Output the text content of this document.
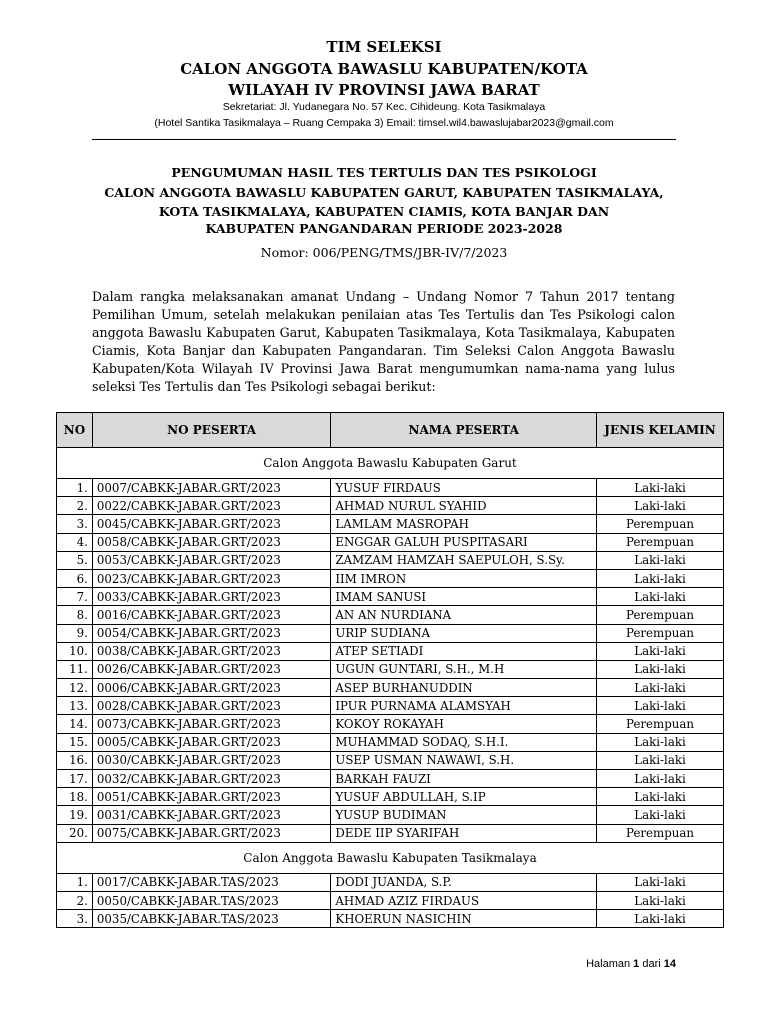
TIM SELEKSI
CALON ANGGOTA BAWASLU KABUPATEN/KOTA
WILAYAH IV PROVINSI JAWA BARAT
Sekretariat: Jl. Yudanegara No. 57 Kec. Cihideung. Kota Tasikmalaya
(Hotel Santika Tasikmalaya – Ruang Cempaka 3) Email: timsel.wil4.bawaslujabar2023@gmail.com
PENGUMUMAN HASIL TES TERTULIS DAN TES PSIKOLOGI
CALON ANGGOTA BAWASLU KABUPATEN GARUT, KABUPATEN TASIKMALAYA,
KOTA TASIKMALAYA, KABUPATEN CIAMIS, KOTA BANJAR DAN
KABUPATEN PANGANDARAN PERIODE 2023-2028
Nomor: 006/PENG/TMS/JBR-IV/7/2023
Dalam rangka melaksanakan amanat Undang – Undang Nomor 7 Tahun 2017 tentang Pemilihan Umum, setelah melakukan penilaian atas Tes Tertulis dan Tes Psikologi calon anggota Bawaslu Kabupaten Garut, Kabupaten Tasikmalaya, Kota Tasikmalaya, Kabupaten Ciamis, Kota Banjar dan Kabupaten Pangandaran. Tim Seleksi Calon Anggota Bawaslu Kabupaten/Kota Wilayah IV Provinsi Jawa Barat mengumumkan nama-nama yang lulus seleksi Tes Tertulis dan Tes Psikologi sebagai berikut:
NO	NO PESERTA	NAMA PESERTA	JENIS KELAMIN
Calon Anggota Bawaslu Kabupaten Garut			
1.	0007/CABKK-JABAR.GRT/2023	YUSUF FIRDAUS	Laki-laki
2.	0022/CABKK-JABAR.GRT/2023	AHMAD NURUL SYAHID	Laki-laki
3.	0045/CABKK-JABAR.GRT/2023	LAMLAM MASROPAH	Perempuan
4.	0058/CABKK-JABAR.GRT/2023	ENGGAR GALUH PUSPITASARI	Perempuan
5.	0053/CABKK-JABAR.GRT/2023	ZAMZAM HAMZAH SAEPULOH, S.Sy.	Laki-laki
6.	0023/CABKK-JABAR.GRT/2023	IIM IMRON	Laki-laki
7.	0033/CABKK-JABAR.GRT/2023	IMAM SANUSI	Laki-laki
8.	0016/CABKK-JABAR.GRT/2023	AN AN NURDIANA	Perempuan
9.	0054/CABKK-JABAR.GRT/2023	URIP SUDIANA	Perempuan
10.	0038/CABKK-JABAR.GRT/2023	ATEP SETIADI	Laki-laki
11.	0026/CABKK-JABAR.GRT/2023	UGUN GUNTARI, S.H., M.H	Laki-laki
12.	0006/CABKK-JABAR.GRT/2023	ASEP BURHANUDDIN	Laki-laki
13.	0028/CABKK-JABAR.GRT/2023	IPUR PURNAMA ALAMSYAH	Laki-laki
14.	0073/CABKK-JABAR.GRT/2023	KOKOY ROKAYAH	Perempuan
15.	0005/CABKK-JABAR.GRT/2023	MUHAMMAD SODAQ, S.H.I.	Laki-laki
16.	0030/CABKK-JABAR.GRT/2023	USEP USMAN NAWAWI, S.H.	Laki-laki
17.	0032/CABKK-JABAR.GRT/2023	BARKAH FAUZI	Laki-laki
18.	0051/CABKK-JABAR.GRT/2023	YUSUF ABDULLAH, S.IP	Laki-laki
19.	0031/CABKK-JABAR.GRT/2023	YUSUP BUDIMAN	Laki-laki
20.	0075/CABKK-JABAR.GRT/2023	DEDE IIP SYARIFAH	Perempuan
Calon Anggota Bawaslu Kabupaten Tasikmalaya			
1.	0017/CABKK-JABAR.TAS/2023	DODI JUANDA, S.P.	Laki-laki
2.	0050/CABKK-JABAR.TAS/2023	AHMAD AZIZ FIRDAUS	Laki-laki
3.	0035/CABKK-JABAR.TAS/2023	KHOERUN NASICHIN	Laki-laki
Halaman 1 dari 14
